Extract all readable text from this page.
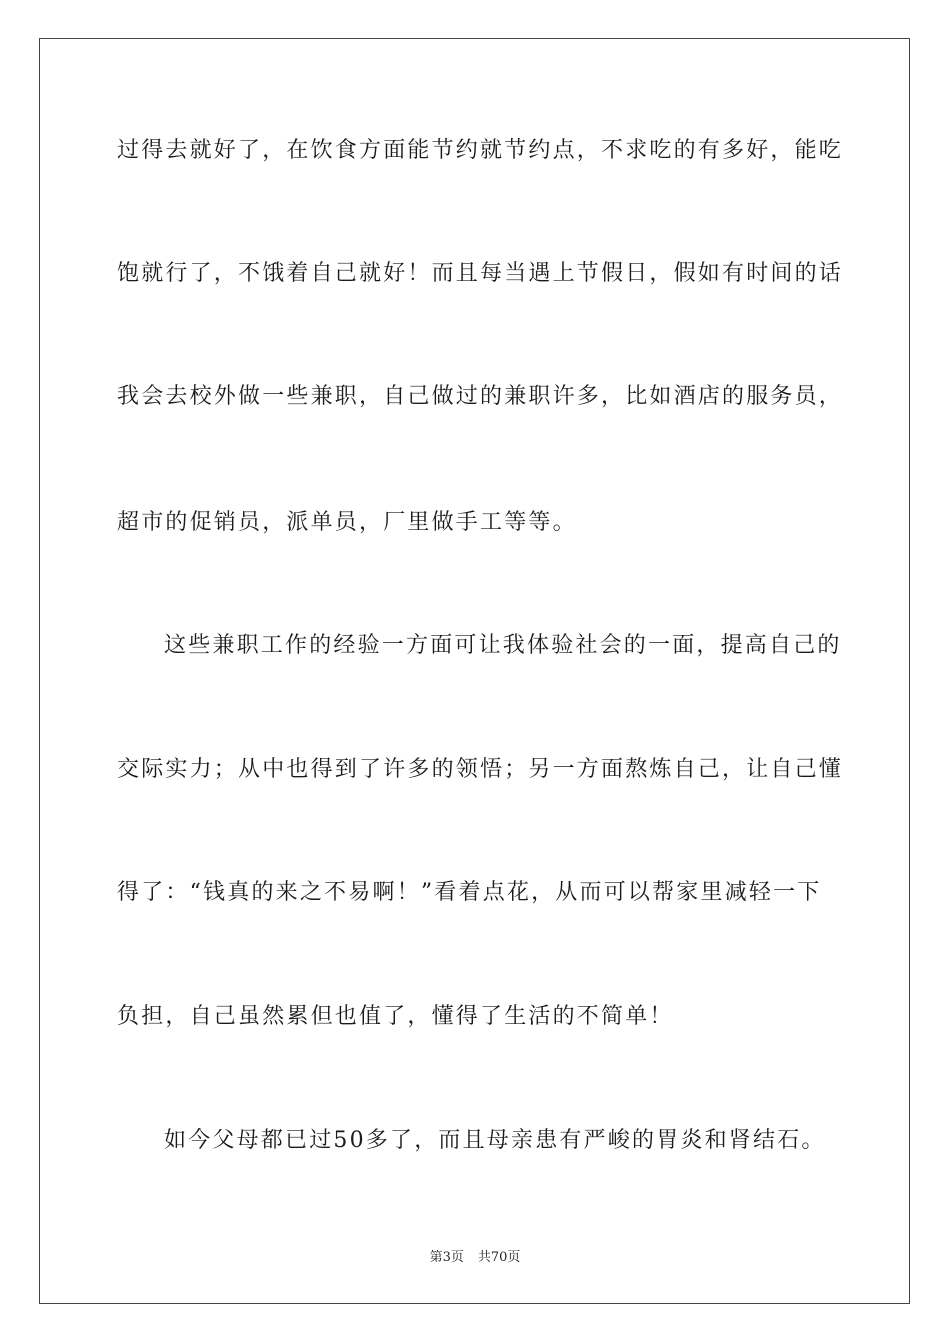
过得去就好了，在饮食方面能节约就节约点，不求吃的有多好，能吃
饱就行了，不饿着自己就好！而且每当遇上节假日，假如有时间的话
我会去校外做一些兼职，自己做过的兼职许多，比如酒店的服务员，
超市的促销员，派单员，厂里做手工等等。
这些兼职工作的经验一方面可让我体验社会的一面，提高自己的
交际实力；从中也得到了许多的领悟；另一方面熬炼自己，让自己懂
得了：“钱真的来之不易啊！”看着点花，从而可以帮家里减轻一下
负担，自己虽然累但也值了，懂得了生活的不简单！
如今父母都已过50多了，而且母亲患有严峻的胃炎和肾结石。
第3页 共70页
